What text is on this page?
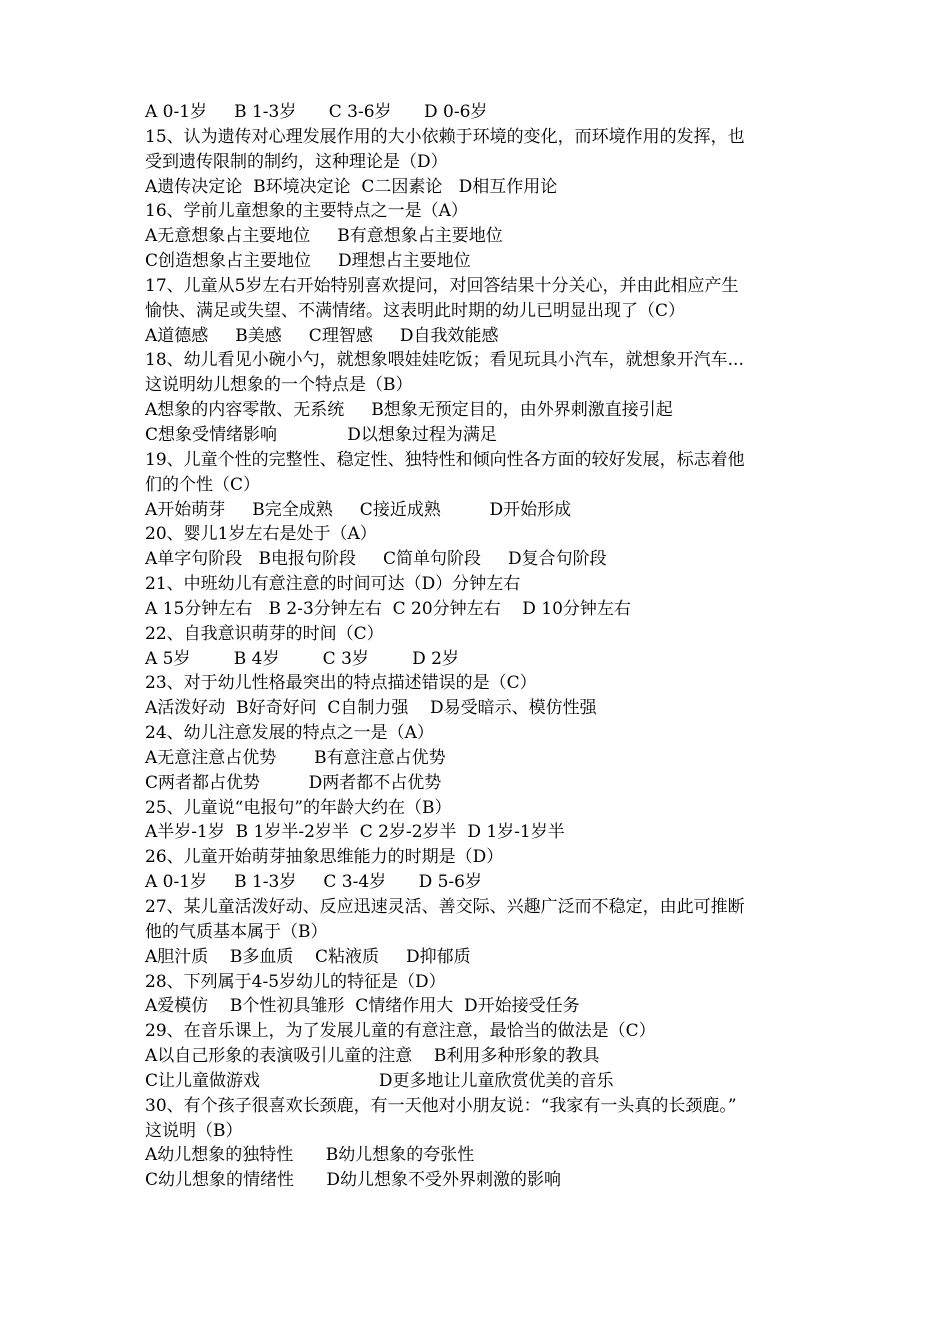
A 0-1岁     B 1-3岁      C 3-6岁      D 0-6岁
15、认为遗传对心理发展作用的大小依赖于环境的变化，而环境作用的发挥，也
受到遗传限制的制约，这种理论是（D）
A遗传决定论  B环境决定论  C二因素论   D相互作用论
16、学前儿童想象的主要特点之一是（A）
A无意想象占主要地位     B有意想象占主要地位
C创造想象占主要地位     D理想占主要地位
17、儿童从5岁左右开始特别喜欢提问，对回答结果十分关心，并由此相应产生
愉快、满足或失望、不满情绪。这表明此时期的幼儿已明显出现了（C）
A道德感     B美感     C理智感     D自我效能感
18、幼儿看见小碗小勺，就想象喂娃娃吃饭；看见玩具小汽车，就想象开汽车...
这说明幼儿想象的一个特点是（B）
A想象的内容零散、无系统     B想象无预定目的，由外界刺激直接引起
C想象受情绪影响             D以想象过程为满足
19、儿童个性的完整性、稳定性、独特性和倾向性各方面的较好发展，标志着他
们的个性（C）
A开始萌芽     B完全成熟     C接近成熟         D开始形成
20、婴儿1岁左右是处于（A）
A单字句阶段   B电报句阶段     C简单句阶段     D复合句阶段
21、中班幼儿有意注意的时间可达（D）分钟左右
A 15分钟左右   B 2-3分钟左右  C 20分钟左右    D 10分钟左右
22、自我意识萌芽的时间（C）
A 5岁        B 4岁        C 3岁        D 2岁
23、对于幼儿性格最突出的特点描述错误的是（C）
A活泼好动  B好奇好问  C自制力强    D易受暗示、模仿性强
24、幼儿注意发展的特点之一是（A）
A无意注意占优势       B有意注意占优势
C两者都占优势         D两者都不占优势
25、儿童说“电报句”的年龄大约在（B）
A半岁-1岁  B 1岁半-2岁半  C 2岁-2岁半  D 1岁-1岁半
26、儿童开始萌芽抽象思维能力的时期是（D）
A 0-1岁     B 1-3岁     C 3-4岁      D 5-6岁
27、某儿童活泼好动、反应迅速灵活、善交际、兴趣广泛而不稳定，由此可推断
他的气质基本属于（B）
A胆汁质    B多血质    C粘液质     D抑郁质
28、下列属于4-5岁幼儿的特征是（D）
A爱模仿    B个性初具雏形  C情绪作用大  D开始接受任务
29、在音乐课上，为了发展儿童的有意注意，最恰当的做法是（C）
A以自己形象的表演吸引儿童的注意    B利用多种形象的教具
C让儿童做游戏                      D更多地让儿童欣赏优美的音乐
30、有个孩子很喜欢长颈鹿，有一天他对小朋友说：“我家有一头真的长颈鹿。”
这说明（B）
A幼儿想象的独特性      B幼儿想象的夸张性
C幼儿想象的情绪性      D幼儿想象不受外界刺激的影响
